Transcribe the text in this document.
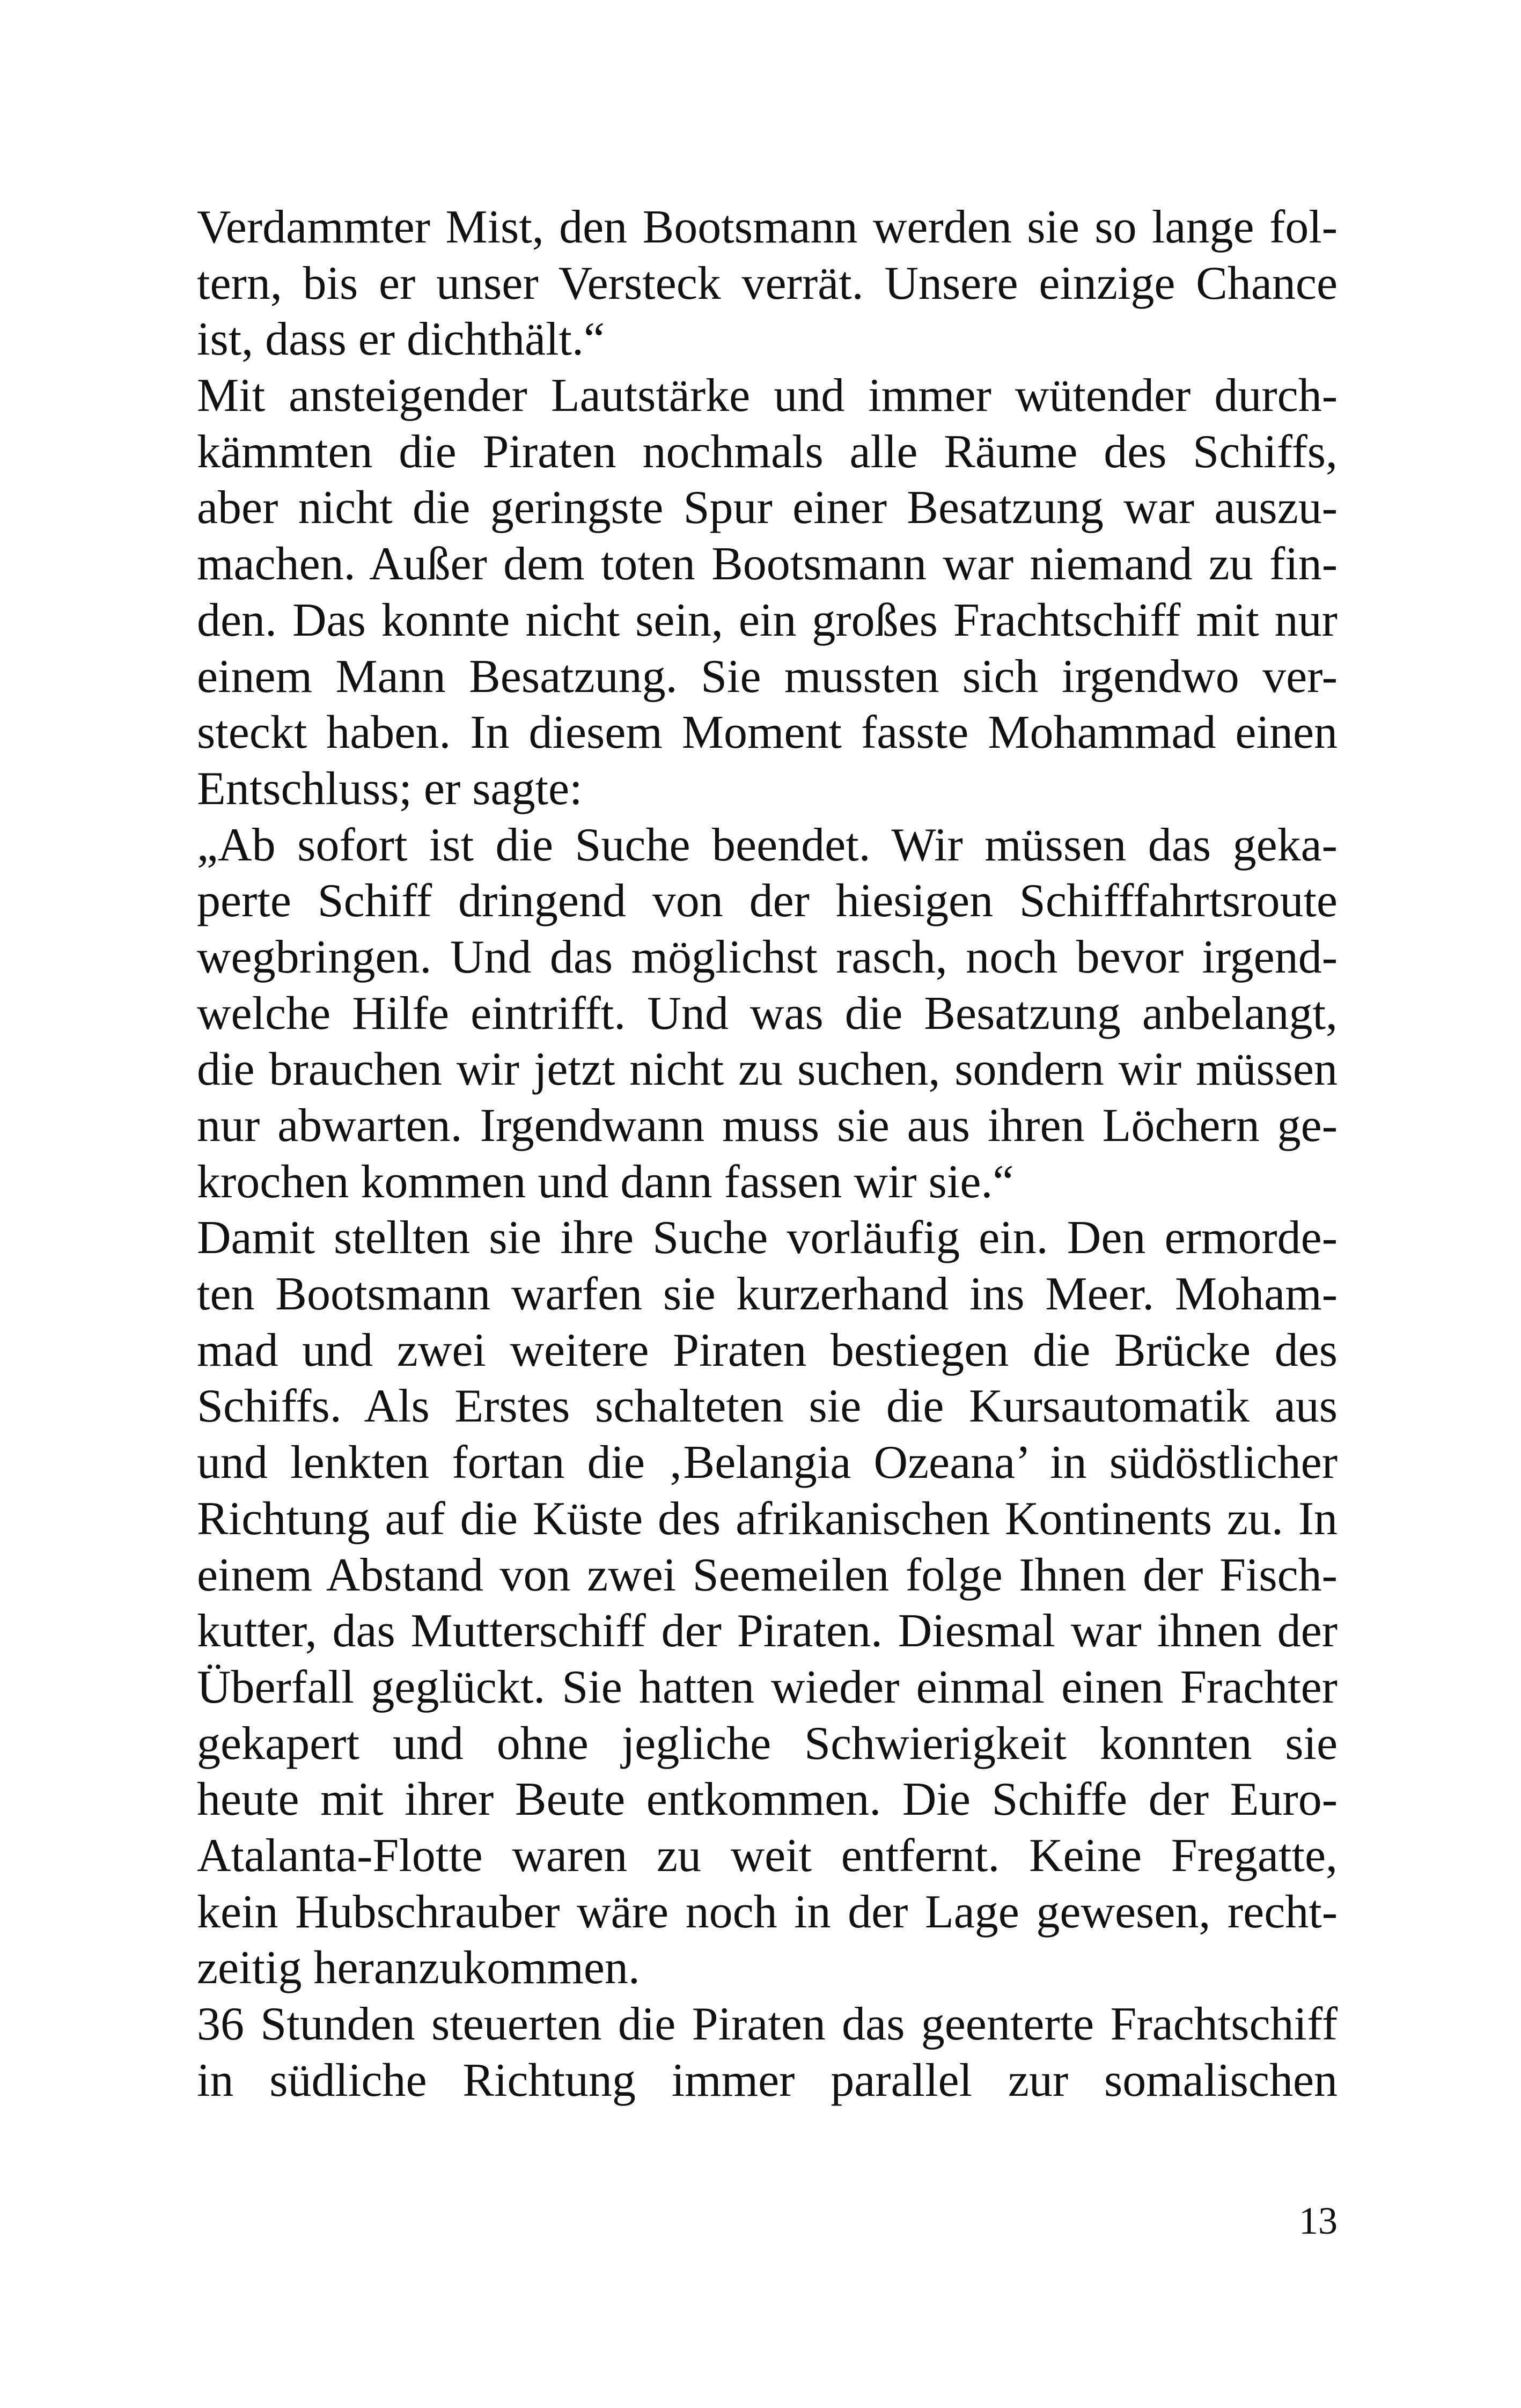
Verdammter Mist, den Bootsmann werden sie so lange fol-
tern, bis er unser Versteck verrät. Unsere einzige Chance
ist, dass er dichthält.“
Mit ansteigender Lautstärke und immer wütender durch-
kämmten die Piraten nochmals alle Räume des Schiffs,
aber nicht die geringste Spur einer Besatzung war auszu-
machen. Außer dem toten Bootsmann war niemand zu fin-
den. Das konnte nicht sein, ein großes Frachtschiff mit nur
einem Mann Besatzung. Sie mussten sich irgendwo ver-
steckt haben. In diesem Moment fasste Mohammad einen
Entschluss; er sagte:
„Ab sofort ist die Suche beendet. Wir müssen das geka-
perte Schiff dringend von der hiesigen Schifffahrtsroute
wegbringen. Und das möglichst rasch, noch bevor irgend-
welche Hilfe eintrifft. Und was die Besatzung anbelangt,
die brauchen wir jetzt nicht zu suchen, sondern wir müssen
nur abwarten. Irgendwann muss sie aus ihren Löchern ge-
krochen kommen und dann fassen wir sie.“
Damit stellten sie ihre Suche vorläufig ein. Den ermorde-
ten Bootsmann warfen sie kurzerhand ins Meer. Moham-
mad und zwei weitere Piraten bestiegen die Brücke des
Schiffs. Als Erstes schalteten sie die Kursautomatik aus
und lenkten fortan die ‚Belangia Ozeana’ in südöstlicher
Richtung auf die Küste des afrikanischen Kontinents zu. In
einem Abstand von zwei Seemeilen folge Ihnen der Fisch-
kutter, das Mutterschiff der Piraten. Diesmal war ihnen der
Überfall geglückt. Sie hatten wieder einmal einen Frachter
gekapert und ohne jegliche Schwierigkeit konnten sie
heute mit ihrer Beute entkommen. Die Schiffe der Euro-
Atalanta-Flotte waren zu weit entfernt. Keine Fregatte,
kein Hubschrauber wäre noch in der Lage gewesen, recht-
zeitig heranzukommen.
36 Stunden steuerten die Piraten das geenterte Frachtschiff
in südliche Richtung immer parallel zur somalischen
13
